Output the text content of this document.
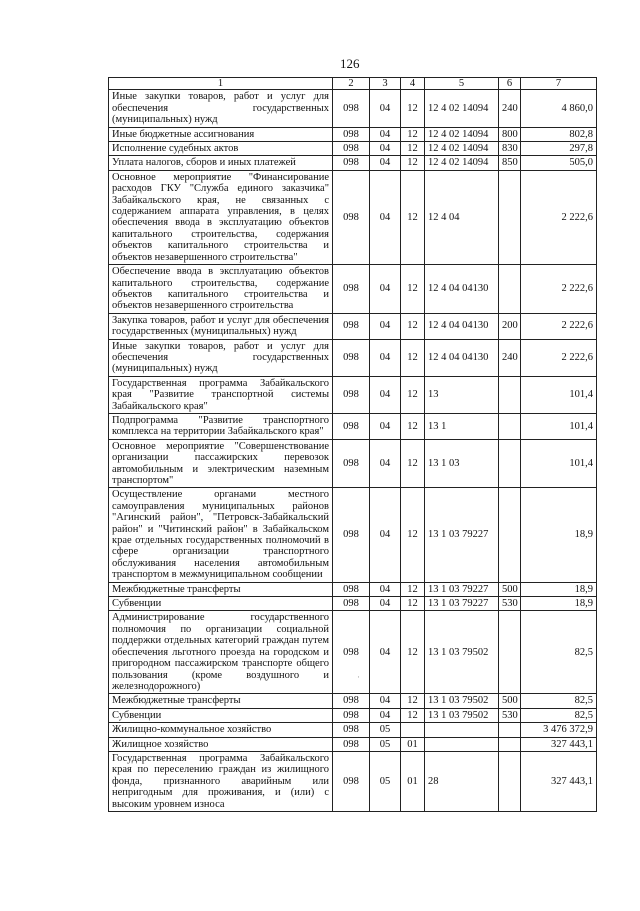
126
1	2	3	4	5	6	7
Иные закупки товаров, работ и услуг для обеспечения государственных (муниципальных) нужд	098	04	12	12 4 02 14094	240	4 860,0
Иные бюджетные ассигнования	098	04	12	12 4 02 14094	800	802,8
Исполнение судебных актов	098	04	12	12 4 02 14094	830	297,8
Уплата налогов, сборов и иных платежей	098	04	12	12 4 02 14094	850	505,0
Основное мероприятие "Финансирование расходов ГКУ "Служба единого заказчика" Забайкальского края, не связанных с содержанием аппарата управления, в целях обеспечения ввода в эксплуатацию объектов капитального строительства, содержания объектов капитального строительства и объектов незавершенного строительства"	098	04	12	12 4 04		2 222,6
Обеспечение ввода в эксплуатацию объектов капитального строительства, содержание объектов капитального строительства и объектов незавершенного строительства	098	04	12	12 4 04 04130		2 222,6
Закупка товаров, работ и услуг для обеспечения государственных (муниципальных) нужд	098	04	12	12 4 04 04130	200	2 222,6
Иные закупки товаров, работ и услуг для обеспечения государственных (муниципальных) нужд	098	04	12	12 4 04 04130	240	2 222,6
Государственная программа Забайкальского края "Развитие транспортной системы Забайкальского края"	098	04	12	13		101,4
Подпрограмма "Развитие транспортного комплекса на территории Забайкальского края"	098	04	12	13 1		101,4
Основное мероприятие "Совершенствование организации пассажирских перевозок автомобильным и электрическим наземным транспортом"	098	04	12	13 1 03		101,4
Осуществление органами местного самоуправления муниципальных районов "Агинский район", "Петровск-Забайкальский район" и "Читинский район" в Забайкальском крае отдельных государственных полномочий в сфере организации транспортного обслуживания населения автомобильным транспортом в межмуниципальном сообщении	098	04	12	13 1 03 79227		18,9
Межбюджетные трансферты	098	04	12	13 1 03 79227	500	18,9
Субвенции	098	04	12	13 1 03 79227	530	18,9
Администрирование государственного полномочия по организации социальной поддержки отдельных категорий граждан путем обеспечения льготного проезда на городском и пригородном пассажирском транспорте общего пользования (кроме воздушного и железнодорожного)	098	04	12	13 1 03 79502		82,5
Межбюджетные трансферты	098	04	12	13 1 03 79502	500	82,5
Субвенции	098	04	12	13 1 03 79502	530	82,5
Жилищно-коммунальное хозяйство	098	05				3 476 372,9
Жилищное хозяйство	098	05	01			327 443,1
Государственная программа Забайкальского края по переселению граждан из жилищного фонда, признанного аварийным или непригодным для проживания, и (или) с высоким уровнем износа	098	05	01	28		327 443,1
·
